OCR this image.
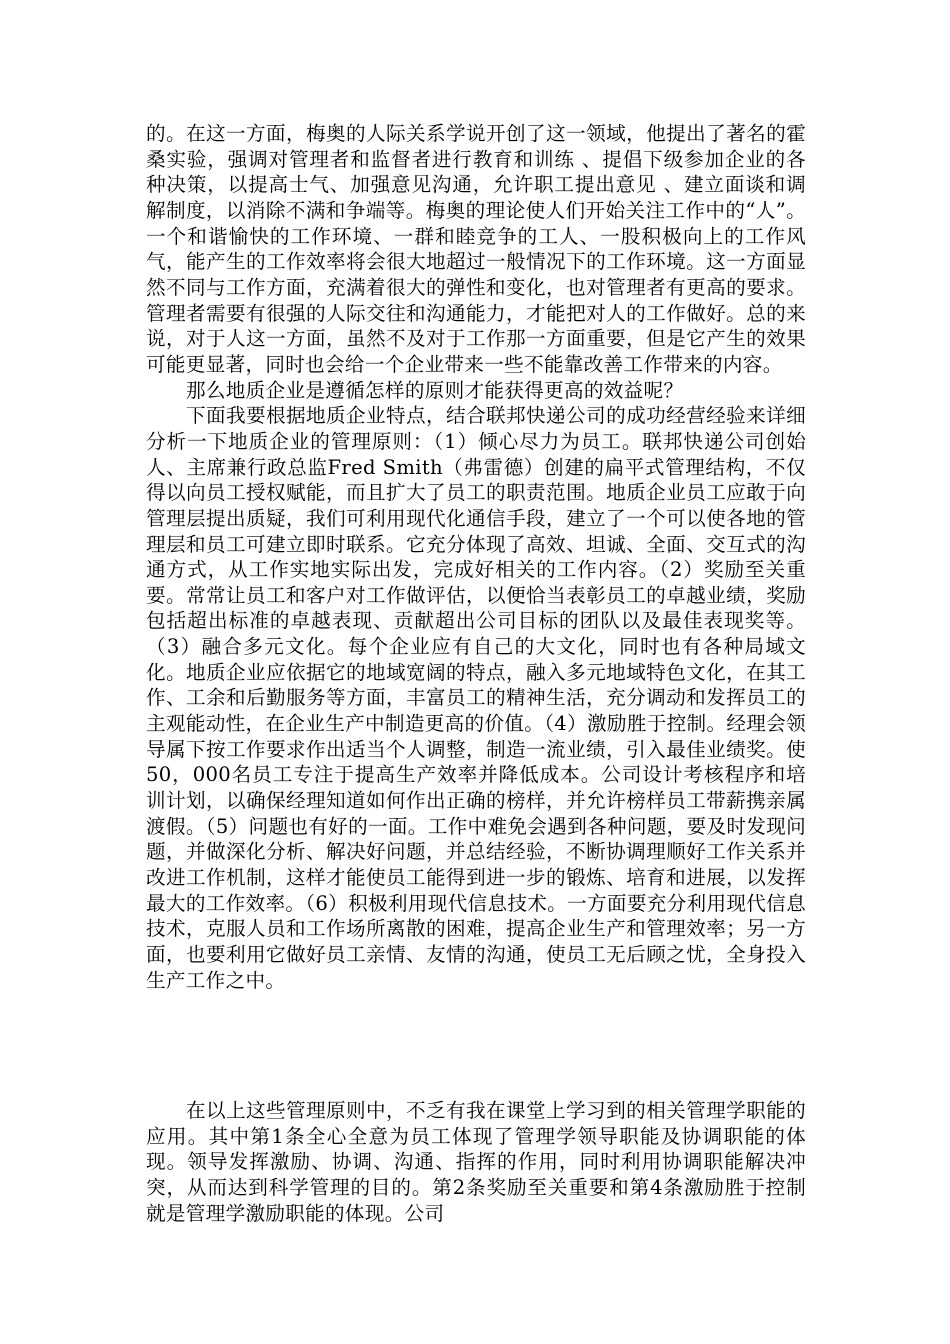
的。在这一方面，梅奥的人际关系学说开创了这一领域，他提出了著名的霍桑实验，强调对管理者和监督者进行教育和训练 、提倡下级参加企业的各种决策，以提高士气、加强意见沟通，允许职工提出意见 、建立面谈和调解制度，以消除不满和争端等。梅奥的理论使人们开始关注工作中的“人”。一个和谐愉快的工作环境、一群和睦竞争的工人、一股积极向上的工作风气，能产生的工作效率将会很大地超过一般情况下的工作环境。这一方面显然不同与工作方面，充满着很大的弹性和变化，也对管理者有更高的要求。管理者需要有很强的人际交往和沟通能力，才能把对人的工作做好。总的来说，对于人这一方面，虽然不及对于工作那一方面重要，但是它产生的效果可能更显著，同时也会给一个企业带来一些不能靠改善工作带来的内容。

那么地质企业是遵循怎样的原则才能获得更高的效益呢？

下面我要根据地质企业特点，结合联邦快递公司的成功经营经验来详细分析一下地质企业的管理原则：（1）倾心尽力为员工。联邦快递公司创始人、主席兼行政总监Fred Smith（弗雷德）创建的扁平式管理结构，不仅得以向员工授权赋能，而且扩大了员工的职责范围。地质企业员工应敢于向管理层提出质疑，我们可利用现代化通信手段，建立了一个可以使各地的管理层和员工可建立即时联系。它充分体现了高效、坦诚、全面、交互式的沟通方式，从工作实地实际出发，完成好相关的工作内容。（2）奖励至关重要。常常让员工和客户对工作做评估，以便恰当表彰员工的卓越业绩，奖励包括超出标准的卓越表现、贡献超出公司目标的团队以及最佳表现奖等。（3）融合多元文化。每个企业应有自己的大文化，同时也有各种局域文化。地质企业应依据它的地域宽阔的特点，融入多元地域特色文化，在其工作、工余和后勤服务等方面，丰富员工的精神生活，充分调动和发挥员工的主观能动性，在企业生产中制造更高的价值。（4）激励胜于控制。经理会领导属下按工作要求作出适当个人调整，制造一流业绩，引入最佳业绩奖。使50，000名员工专注于提高生产效率并降低成本。公司设计考核程序和培训计划，以确保经理知道如何作出正确的榜样，并允许榜样员工带薪携亲属渡假。（5）问题也有好的一面。工作中难免会遇到各种问题，要及时发现问题，并做深化分析、解决好问题，并总结经验，不断协调理顺好工作关系并改进工作机制，这样才能使员工能得到进一步的锻炼、培育和进展，以发挥最大的工作效率。（6）积极利用现代信息技术。一方面要充分利用现代信息技术，克服人员和工作场所离散的困难，提高企业生产和管理效率；另一方面，也要利用它做好员工亲情、友情的沟通，使员工无后顾之忧，全身投入生产工作之中。

在以上这些管理原则中，不乏有我在课堂上学习到的相关管理学职能的应用。其中第1条全心全意为员工体现了管理学领导职能及协调职能的体现。领导发挥激励、协调、沟通、指挥的作用，同时利用协调职能解决冲突，从而达到科学管理的目的。第2条奖励至关重要和第4条激励胜于控制就是管理学激励职能的体现。公司
